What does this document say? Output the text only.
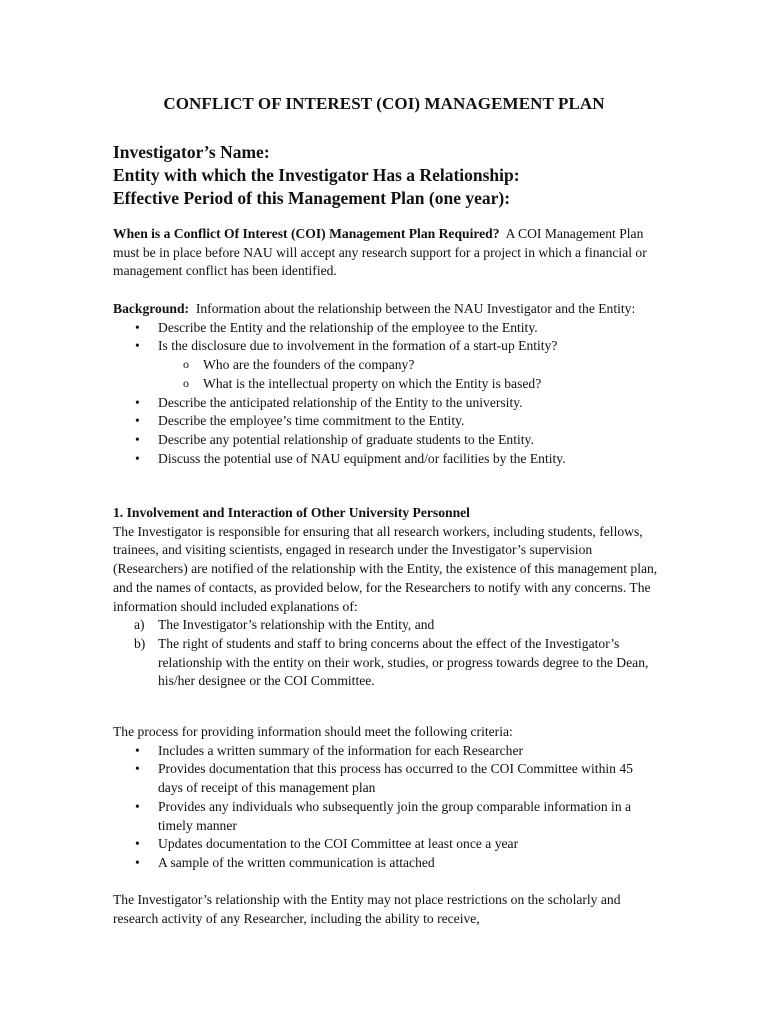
CONFLICT OF INTEREST (COI) MANAGEMENT PLAN
Investigator’s Name:
Entity with which the Investigator Has a Relationship:
Effective Period of this Management Plan (one year):

When is a Conflict Of Interest (COI) Management Plan Required? A COI Management Plan must be in place before NAU will accept any research support for a project in which a financial or management conflict has been identified.

Background: Information about the relationship between the NAU Investigator and the Entity:

• Describe the Entity and the relationship of the employee to the Entity.
• Is the disclosure due to involvement in the formation of a start-up Entity?
o Who are the founders of the company?
o What is the intellectual property on which the Entity is based?
• Describe the anticipated relationship of the Entity to the university.
• Describe the employee’s time commitment to the Entity.
• Describe any potential relationship of graduate students to the Entity.
• Discuss the potential use of NAU equipment and/or facilities by the Entity.

1. Involvement and Interaction of Other University Personnel

The Investigator is responsible for ensuring that all research workers, including students, fellows, trainees, and visiting scientists, engaged in research under the Investigator’s supervision (Researchers) are notified of the relationship with the Entity, the existence of this management plan, and the names of contacts, as provided below, for the Researchers to notify with any concerns. The information should included explanations of:

a) The Investigator’s relationship with the Entity, and
b) The right of students and staff to bring concerns about the effect of the Investigator’s relationship with the entity on their work, studies, or progress towards degree to the Dean, his/her designee or the COI Committee.

The process for providing information should meet the following criteria:

• Includes a written summary of the information for each Researcher
• Provides documentation that this process has occurred to the COI Committee within 45 days of receipt of this management plan
• Provides any individuals who subsequently join the group comparable information in a timely manner
• Updates documentation to the COI Committee at least once a year
• A sample of the written communication is attached

The Investigator’s relationship with the Entity may not place restrictions on the scholarly and research activity of any Researcher, including the ability to receive,
